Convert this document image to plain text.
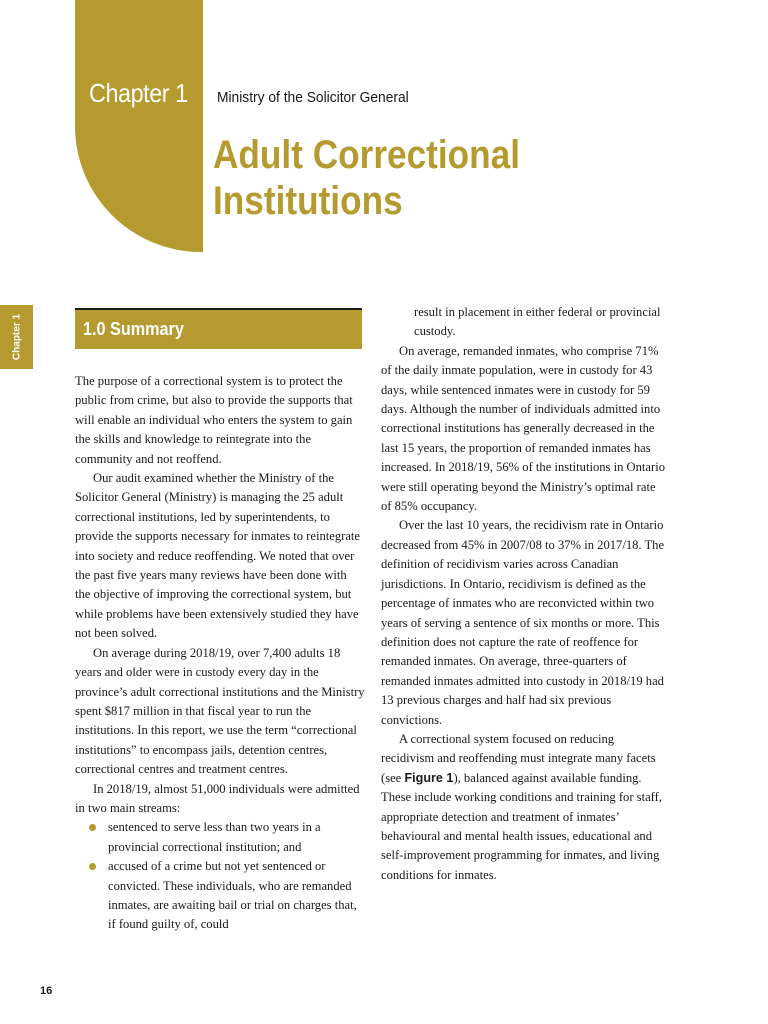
Chapter 1 Ministry of the Solicitor General
Adult Correctional
Institutions
Chapter 1	1.0 Summary

The purpose of a correctional system is to protect the public from crime, but also to provide the supports that will enable an individual who enters the system to gain the skills and knowledge to reintegrate into the community and not reoffend.

Our audit examined whether the Ministry of the Solicitor General (Ministry) is managing the 25 adult correctional institutions, led by superintendents, to provide the supports necessary for inmates to reintegrate into society and reduce reoffending. We noted that over the past five years many reviews have been done with the objective of improving the correctional system, but while problems have been extensively studied they have not been solved.

On average during 2018/19, over 7,400 adults 18 years and older were in custody every day in the province’s adult correctional institutions and the Ministry spent $817 million in that fiscal year to run the institutions. In this report, we use the term “correctional institutions” to encompass jails, detention centres, correctional centres and treatment centres.

In 2018/19, almost 51,000 individuals were admitted in two main streams:

sentenced to serve less than two years in a provincial correctional institution; and
accused of a crime but not yet sentenced or convicted. These individuals, who are remanded inmates, are awaiting bail or trial on charges that, if found guilty of, could

result in placement in either federal or provincial custody.

On average, remanded inmates, who comprise 71% of the daily inmate population, were in custody for 43 days, while sentenced inmates were in custody for 59 days. Although the number of individuals admitted into correctional institutions has generally decreased in the last 15 years, the proportion of remanded inmates has increased. In 2018/19, 56% of the institutions in Ontario were still operating beyond the Ministry’s optimal rate of 85% occupancy.

Over the last 10 years, the recidivism rate in Ontario decreased from 45% in 2007/08 to 37% in 2017/18. The definition of recidivism varies across Canadian jurisdictions. In Ontario, recidivism is defined as the percentage of inmates who are reconvicted within two years of serving a sentence of six months or more. This definition does not capture the rate of reoffence for remanded inmates. On average, three-quarters of remanded inmates admitted into custody in 2018/19 had 13 previous charges and half had six previous convictions.

A correctional system focused on reducing recidivism and reoffending must integrate many facets (see Figure 1), balanced against available funding. These include working conditions and training for staff, appropriate detection and treatment of inmates’ behavioural and mental health issues, educational and self-improvement programming for inmates, and living conditions for inmates.

16
